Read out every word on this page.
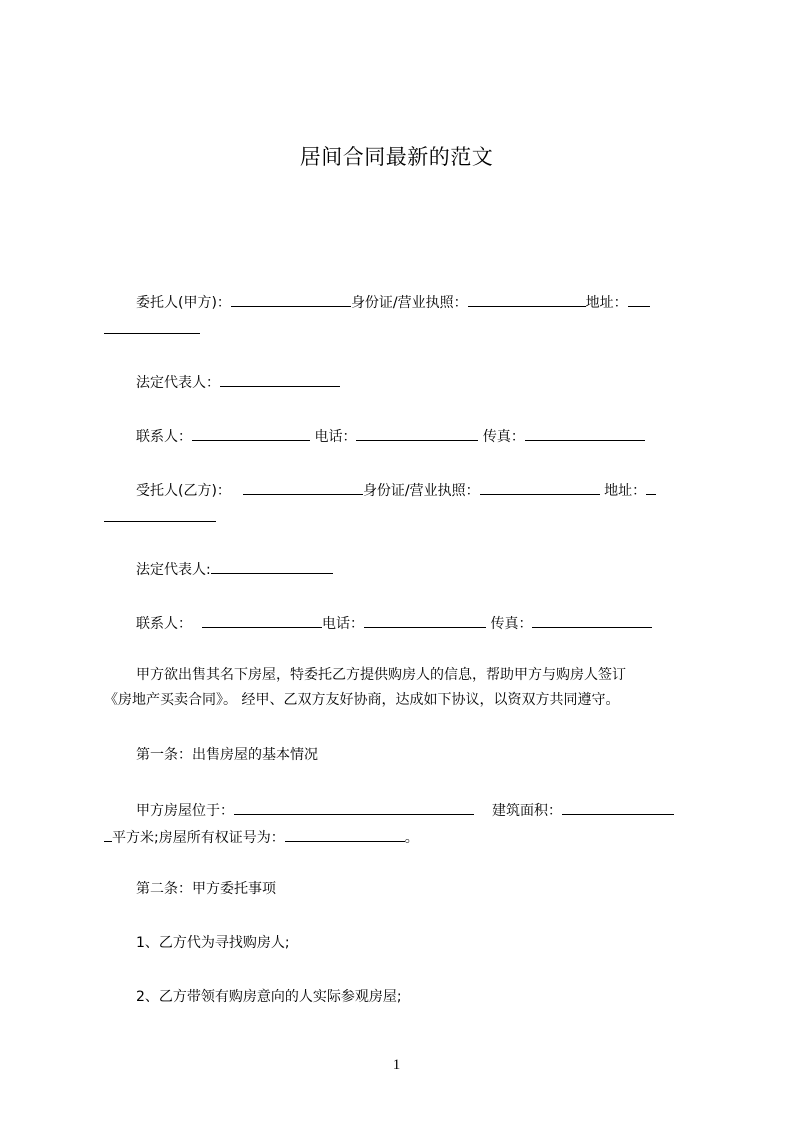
居间合同最新的范文
委托人(甲方)：	身份证/营业执照：	地址：
法定代表人：
联系人：	电话：	传真：
受托人(乙方)：	身份证/营业执照：	地址：
法定代表人:
联系人：	电话：	传真：
甲方欲出售其名下房屋，特委托乙方提供购房人的信息，帮助甲方与购房人签订
《房地产买卖合同》。 经甲、乙双方友好协商，达成如下协议，以资双方共同遵守。
第一条：出售房屋的基本情况
甲方房屋位于：	建筑面积：
平方米;房屋所有权证号为：	。
第二条：甲方委托事项
1、乙方代为寻找购房人;
2、乙方带领有购房意向的人实际参观房屋;
1
